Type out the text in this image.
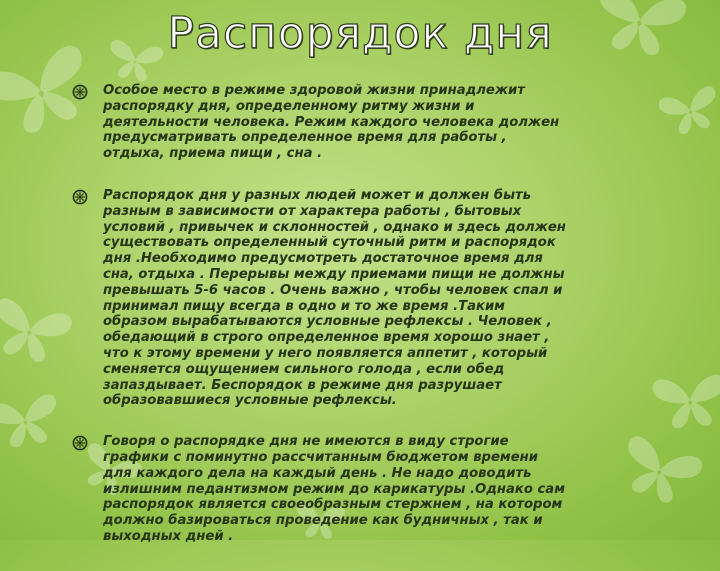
Распорядок дня
Особое место в режиме здоровой жизни принадлежит
распорядку дня, определенному ритму жизни и
деятельности человека. Режим каждого человека должен
предусматривать определенное время для работы ,
отдыха, приема пищи , сна .
Распорядок дня у разных людей может и должен быть
разным в зависимости от характера работы , бытовых
условий , привычек и склонностей , однако и здесь должен
существовать определенный суточный ритм и распорядок
дня .Необходимо предусмотреть достаточное время для
сна, отдыха . Перерывы между приемами пищи не должны
превышать 5-6 часов . Очень важно , чтобы человек спал и
принимал пищу всегда в одно и то же время .Таким
образом вырабатываются условные рефлексы . Человек ,
обедающий в строго определенное время хорошо знает ,
что к этому времени у него появляется аппетит , который
сменяется ощущением сильного голода , если обед
запаздывает. Беспорядок в режиме дня разрушает
образовавшиеся условные рефлексы.
Говоря о распорядке дня не имеются в виду строгие
графики с поминутно рассчитанным бюджетом времени
для каждого дела на каждый день . Не надо доводить
излишним педантизмом режим до карикатуры .Однако сам
распорядок является своеобразным стержнем , на котором
должно базироваться проведение как будничных , так и
выходных дней .
